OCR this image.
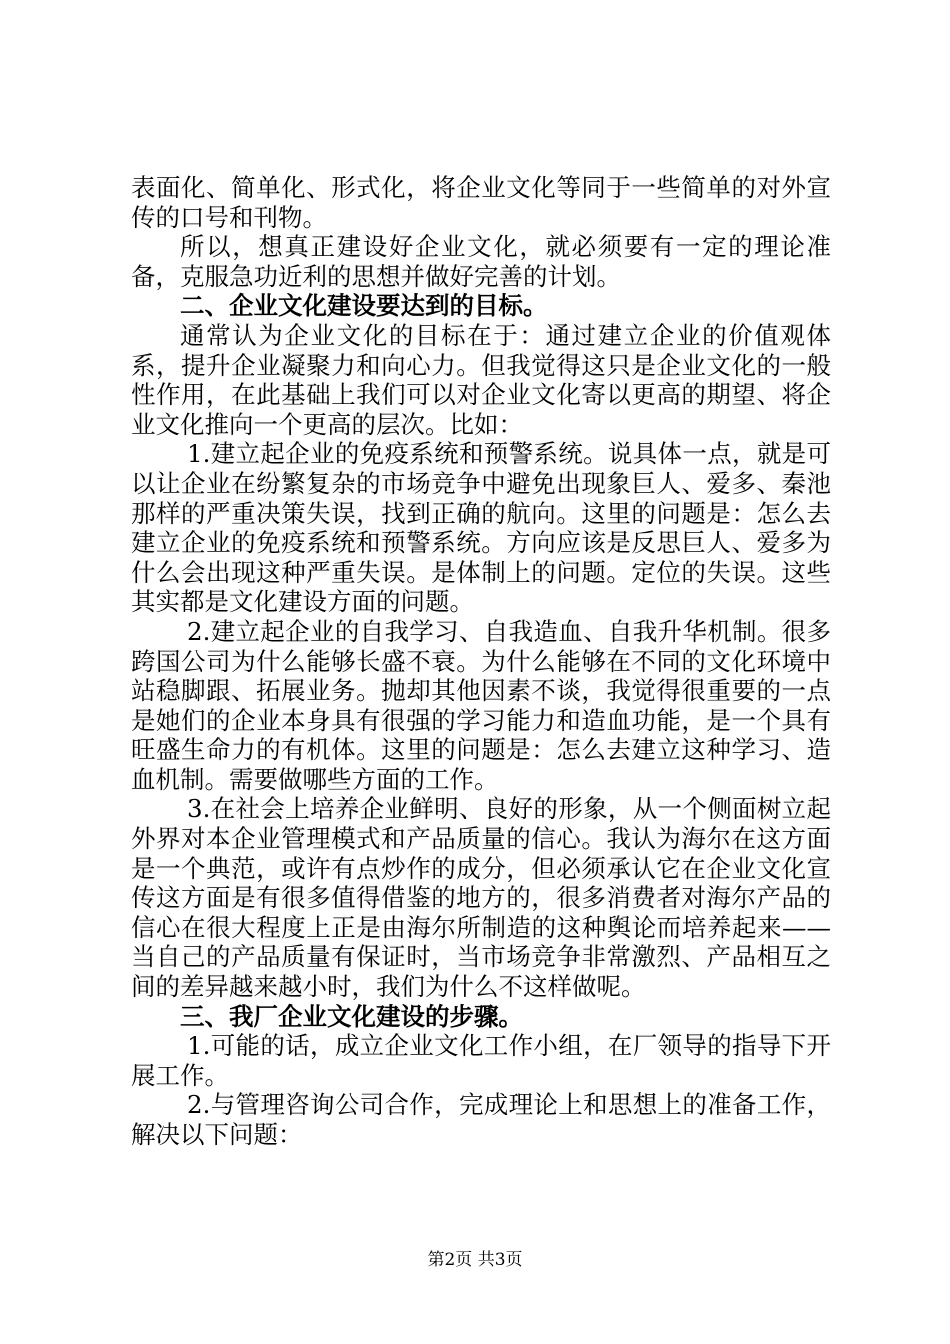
表面化、简单化、形式化，将企业文化等同于一些简单的对外宣传的口号和刊物。

所以，想真正建设好企业文化，就必须要有一定的理论准备，克服急功近利的思想并做好完善的计划。

二、企业文化建设要达到的目标。

通常认为企业文化的目标在于：通过建立企业的价值观体系，提升企业凝聚力和向心力。但我觉得这只是企业文化的一般性作用，在此基础上我们可以对企业文化寄以更高的期望、将企业文化推向一个更高的层次。比如：

1.建立起企业的免疫系统和预警系统。说具体一点，就是可以让企业在纷繁复杂的市场竞争中避免出现象巨人、爱多、秦池那样的严重决策失误，找到正确的航向。这里的问题是：怎么去建立企业的免疫系统和预警系统。方向应该是反思巨人、爱多为什么会出现这种严重失误。是体制上的问题。定位的失误。这些其实都是文化建设方面的问题。

2.建立起企业的自我学习、自我造血、自我升华机制。很多跨国公司为什么能够长盛不衰。为什么能够在不同的文化环境中站稳脚跟、拓展业务。抛却其他因素不谈，我觉得很重要的一点是她们的企业本身具有很强的学习能力和造血功能，是一个具有旺盛生命力的有机体。这里的问题是：怎么去建立这种学习、造血机制。需要做哪些方面的工作。

3.在社会上培养企业鲜明、良好的形象，从一个侧面树立起外界对本企业管理模式和产品质量的信心。我认为海尔在这方面是一个典范，或许有点炒作的成分，但必须承认它在企业文化宣传这方面是有很多值得借鉴的地方的，很多消费者对海尔产品的信心在很大程度上正是由海尔所制造的这种舆论而培养起来——当自己的产品质量有保证时，当市场竞争非常激烈、产品相互之间的差异越来越小时，我们为什么不这样做呢。

三、我厂企业文化建设的步骤。

1.可能的话，成立企业文化工作小组，在厂领导的指导下开展工作。

2.与管理咨询公司合作，完成理论上和思想上的准备工作，解决以下问题：

第2页 共3页
